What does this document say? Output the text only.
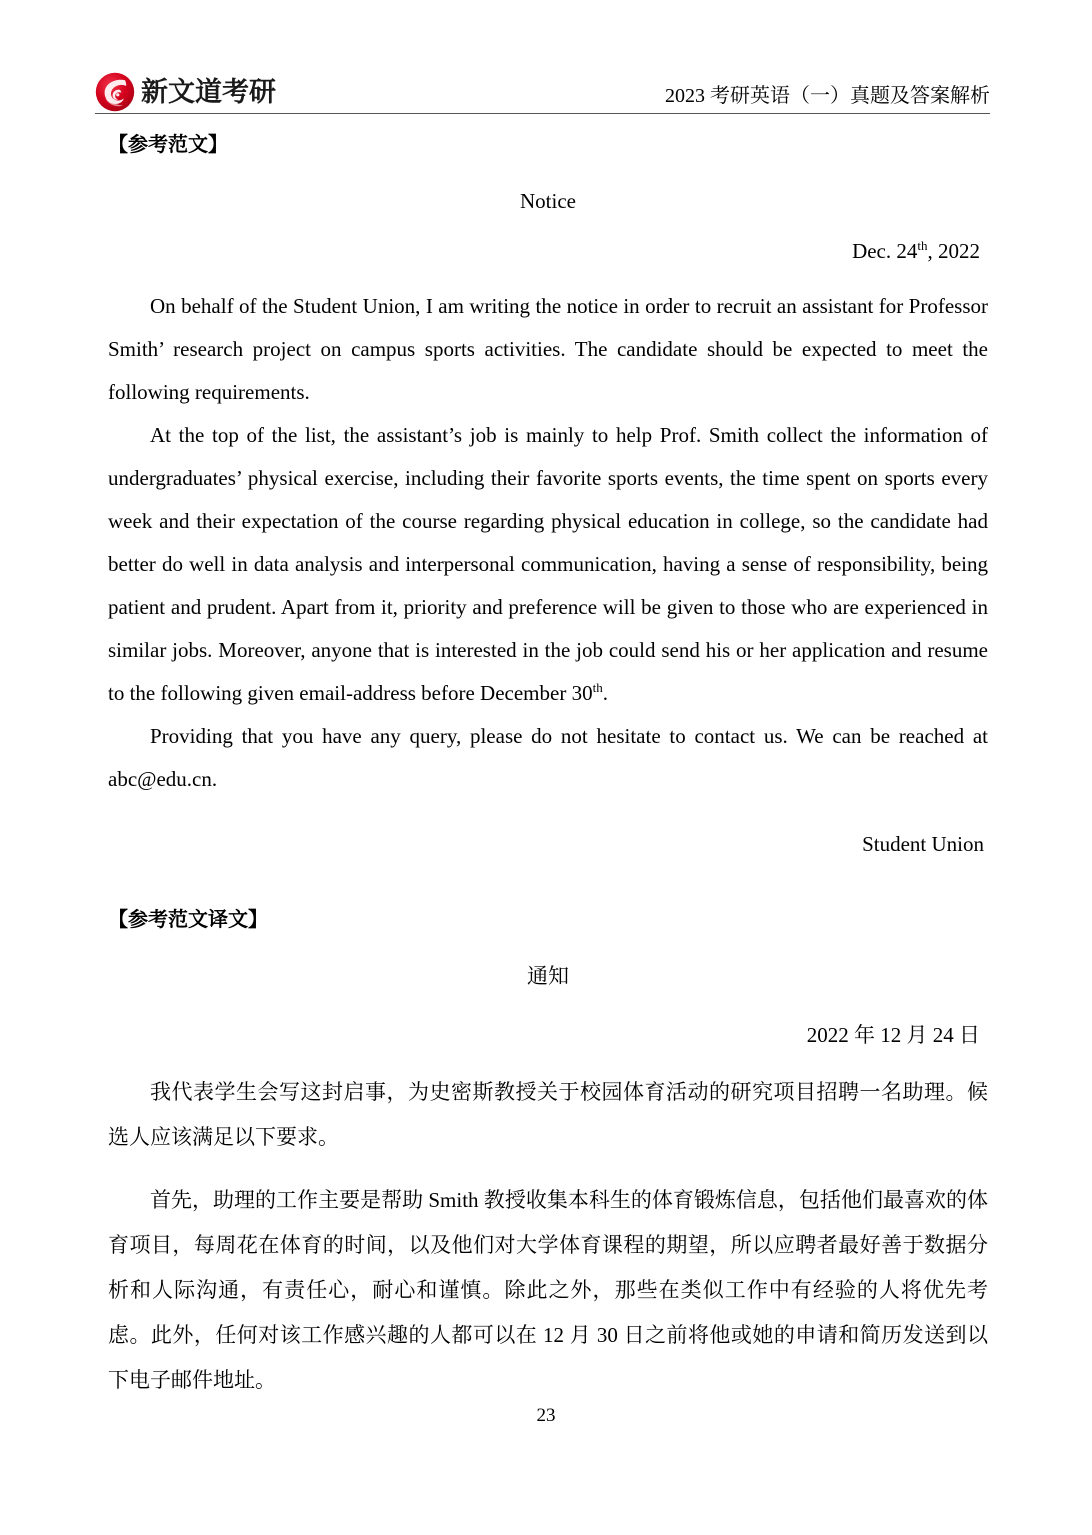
新文道考研	2023 考研英语（一）真题及答案解析
【参考范文】
Notice
Dec. 24th, 2022

On behalf of the Student Union, I am writing the notice in order to recruit an assistant for Professor Smith’ research project on campus sports activities. The candidate should be expected to meet the following requirements.

At the top of the list, the assistant’s job is mainly to help Prof. Smith collect the information of undergraduates’ physical exercise, including their favorite sports events, the time spent on sports every week and their expectation of the course regarding physical education in college, so the candidate had better do well in data analysis and interpersonal communication, having a sense of responsibility, being patient and prudent. Apart from it, priority and preference will be given to those who are experienced in similar jobs. Moreover, anyone that is interested in the job could send his or her application and resume to the following given email-address before December 30th.

Providing that you have any query, please do not hesitate to contact us. We can be reached at abc@edu.cn.

Student Union
【参考范文译文】
通知
2022 年 12 月 24 日

我代表学生会写这封启事，为史密斯教授关于校园体育活动的研究项目招聘一名助理。候选人应该满足以下要求。

首先，助理的工作主要是帮助 Smith 教授收集本科生的体育锻炼信息，包括他们最喜欢的体育项目，每周花在体育的时间，以及他们对大学体育课程的期望，所以应聘者最好善于数据分析和人际沟通，有责任心，耐心和谨慎。除此之外，那些在类似工作中有经验的人将优先考虑。此外，任何对该工作感兴趣的人都可以在 12 月 30 日之前将他或她的申请和简历发送到以下电子邮件地址。

23
